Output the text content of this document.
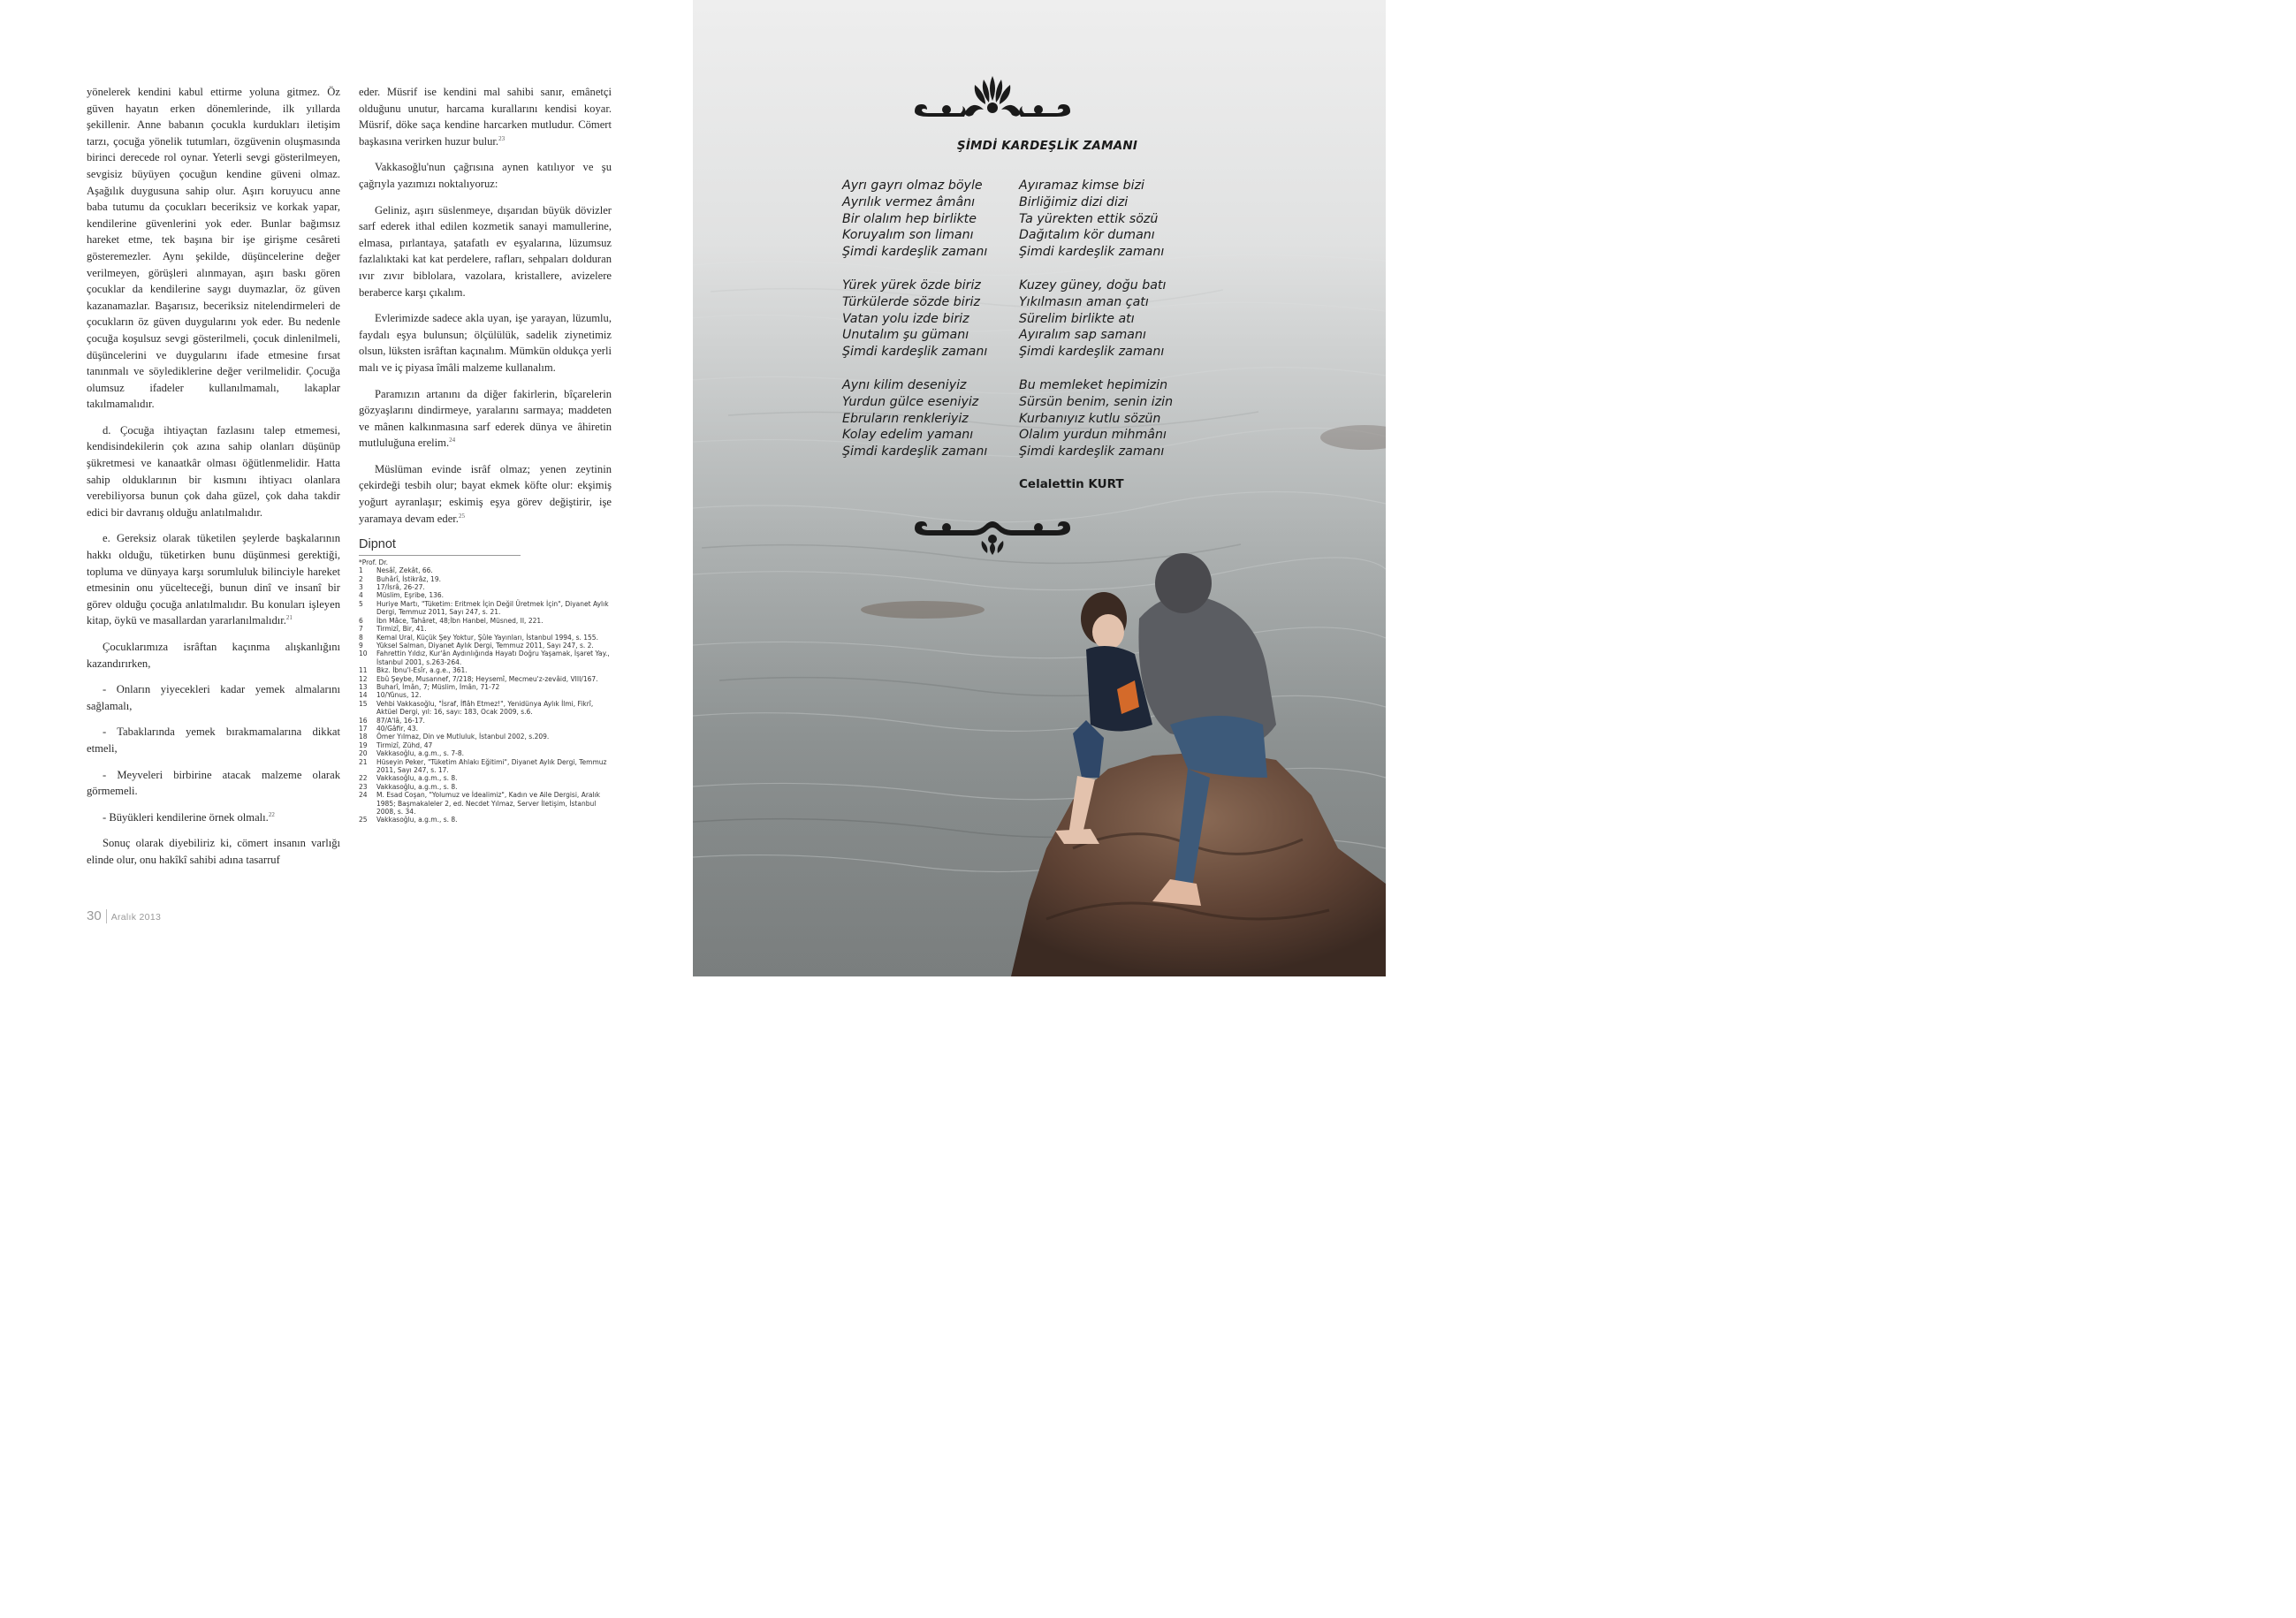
yönelerek kendini kabul ettirme yoluna gitmez. Öz güven hayatın erken dönemlerinde, ilk yıllarda şekillenir. Anne babanın çocukla kurdukları iletişim tarzı, çocuğa yönelik tutumları, özgüvenin oluşmasında birinci derecede rol oynar. Yeterli sevgi gösterilmeyen, sevgisiz büyüyen çocuğun kendine güveni olmaz. Aşağılık duygusuna sahip olur. Aşırı koruyucu anne baba tutumu da çocukları beceriksiz ve korkak yapar, kendilerine güvenlerini yok eder. Bunlar bağımsız hareket etme, tek başına bir işe girişme cesâreti gösteremezler. Aynı şekilde, düşüncelerine değer verilmeyen, görüşleri alınmayan, aşırı baskı gören çocuklar da kendilerine saygı duymazlar, öz güven kazanamazlar. Başarısız, beceriksiz nitelendirmeleri de çocukların öz güven duygularını yok eder. Bu nedenle çocuğa koşulsuz sevgi gösterilmeli, çocuk dinlenilmeli, düşüncelerini ve duygularını ifade etmesine fırsat tanınmalı ve söylediklerine değer verilmelidir. Çocuğa olumsuz ifadeler kullanılmamalı, lakaplar takılmamalıdır.

d. Çocuğa ihtiyaçtan fazlasını talep etmemesi, kendisindekilerin çok azına sahip olanları düşünüp şükretmesi ve kanaatkâr olması öğütlenmelidir. Hatta sahip olduklarının bir kısmını ihtiyacı olanlara verebiliyorsa bunun çok daha güzel, çok daha takdir edici bir davranış olduğu anlatılmalıdır.

e. Gereksiz olarak tüketilen şeylerde başkalarının hakkı olduğu, tüketirken bunu düşünmesi gerektiği, topluma ve dünyaya karşı sorumluluk bilinciyle hareket etmesinin onu yücelteceği, bunun dinî ve insanî bir görev olduğu çocuğa anlatılmalıdır. Bu konuları işleyen kitap, öykü ve masallardan yararlanılmalıdır.$^{21}$

Çocuklarımıza isrâftan kaçınma alışkanlığını kazandırırken,

- Onların yiyecekleri kadar yemek almalarını sağlamalı,

- Tabaklarında yemek bırakmamalarına dikkat etmeli,

- Meyveleri birbirine atacak malzeme olarak görmemeli.

- Büyükleri kendilerine örnek olmalı.$^{22}$

Sonuç olarak diyebiliriz ki, cömert insanın varlığı elinde olur, onu hakîkî sahibi adına tasarruf

eder. Müsrif ise kendini mal sahibi sanır, emânetçi olduğunu unutur, harcama kurallarını kendisi koyar. Müsrif, döke saça kendine harcarken mutludur. Cömert başkasına verirken huzur bulur.$^{23}$

Vakkasoğlu'nun çağrısına aynen katılıyor ve şu çağrıyla yazımızı noktalıyoruz:

Geliniz, aşırı süslenmeye, dışarıdan büyük dövizler sarf ederek ithal edilen kozmetik sanayi mamullerine, elmasa, pırlantaya, şatafatlı ev eşyalarına, lüzumsuz fazlalıktaki kat kat perdelere, rafları, sehpaları dolduran ıvır zıvır biblolara, vazolara, kristallere, avizelere beraberce karşı çıkalım.

Evlerimizde sadece akla uyan, işe yarayan, lüzumlu, faydalı eşya bulunsun; ölçülülük, sadelik ziynetimiz olsun, lüksten isrâftan kaçınalım. Mümkün oldukça yerli malı ve iç piyasa îmâli malzeme kullanalım.

Paramızın artanını da diğer fakirlerin, bîçarelerin gözyaşlarını dindirmeye, yaralarını sarmaya; maddeten ve mânen kalkınmasına sarf ederek dünya ve âhiretin mutluluğuna erelim.$^{24}$

Müslüman evinde isrâf olmaz; yenen zeytinin çekirdeği tesbih olur; bayat ekmek köfte olur: ekşimiş yoğurt ayranlaşır; eskimiş eşya görev değiştirir, işe yaramaya devam eder.$^{25}$

Dipnot
*Prof. Dr.
1	Nesâî, Zekât, 66.
2	Buhârî, İstikrâz, 19.
3	17/İsrâ, 26-27.
4	Müslim, Eşribe, 136.
5	Huriye Martı, "Tüketim: Eritmek İçin Değil Üretmek İçin", Diyanet Aylık Dergi, Temmuz 2011, Sayı 247, s. 21.
6	İbn Mâce, Tahâret, 48;İbn Hanbel, Müsned, II, 221.
7	Tirmizî, Bir, 41.
8	Kemal Ural, Küçük Şey Yoktur, Şûle Yayınları, İstanbul 1994, s. 155.
9	Yüksel Salman, Diyanet Aylık Dergi, Temmuz 2011, Sayı 247, s. 2.
10	Fahrettin Yıldız, Kur'ân Aydınlığında Hayatı Doğru Yaşamak, İşaret Yay., İstanbul 2001, s.263-264.
11	Bkz. İbnu'l-Esîr, a.g.e., 361.
12	Ebû Şeybe, Musannef, 7/218; Heysemî, Mecmeu'z-zevâid, VIII/167.
13	Buharî, İmân, 7; Müslim, İmân, 71-72
14	10/Yûnus, 12.
15	Vehbi Vakkasoğlu, "İsraf, İflâh Etmez!", Yenidünya Aylık İlmi, Fikrî, Aktüel Dergi, yıl: 16, sayı: 183, Ocak 2009, s.6.
16	87/A'lâ, 16-17.
17	40/Gâfir, 43.
18	Ömer Yılmaz, Din ve Mutluluk, İstanbul 2002, s.209.
19	Tirmizî, Zühd, 47
20	Vakkasoğlu, a.g.m., s. 7-8.
21	Hüseyin Peker, "Tüketim Ahlakı Eğitimi", Diyanet Aylık Dergi, Temmuz 2011, Sayı 247, s. 17.
22	Vakkasoğlu, a.g.m., s. 8.
23	Vakkasoğlu, a.g.m., s. 8.
24	M. Esad Coşan, "Yolumuz ve İdealimiz", Kadın ve Aile Dergisi, Aralık 1985; Başmakaleler 2, ed. Necdet Yılmaz, Server İletişim, İstanbul 2008, s. 34.
25	Vakkasoğlu, a.g.m., s. 8.
30 Aralık 2013
ŞİMDİ KARDEŞLİK ZAMANI
Ayrı gayrı olmaz böyle
Ayrılık vermez âmânı
Bir olalım hep birlikte
Koruyalım son limanı
Şimdi kardeşlik zamanı
Yürek yürek özde biriz
Türkülerde sözde biriz
Vatan yolu izde biriz
Unutalım şu gümanı
Şimdi kardeşlik zamanı
Aynı kilim deseniyiz
Yurdun gülce eseniyiz
Ebruların renkleriyiz
Kolay edelim yamanı
Şimdi kardeşlik zamanı
Ayıramaz kimse bizi
Birliğimiz dizi dizi
Ta yürekten ettik sözü
Dağıtalım kör dumanı
Şimdi kardeşlik zamanı
Kuzey güney, doğu batı
Yıkılmasın aman çatı
Sürelim birlikte atı
Ayıralım sap samanı
Şimdi kardeşlik zamanı
Bu memleket hepimizin
Sürsün benim, senin izin
Kurbanıyız kutlu sözün
Olalım yurdun mihmânı
Şimdi kardeşlik zamanı
Celalettin KURT
